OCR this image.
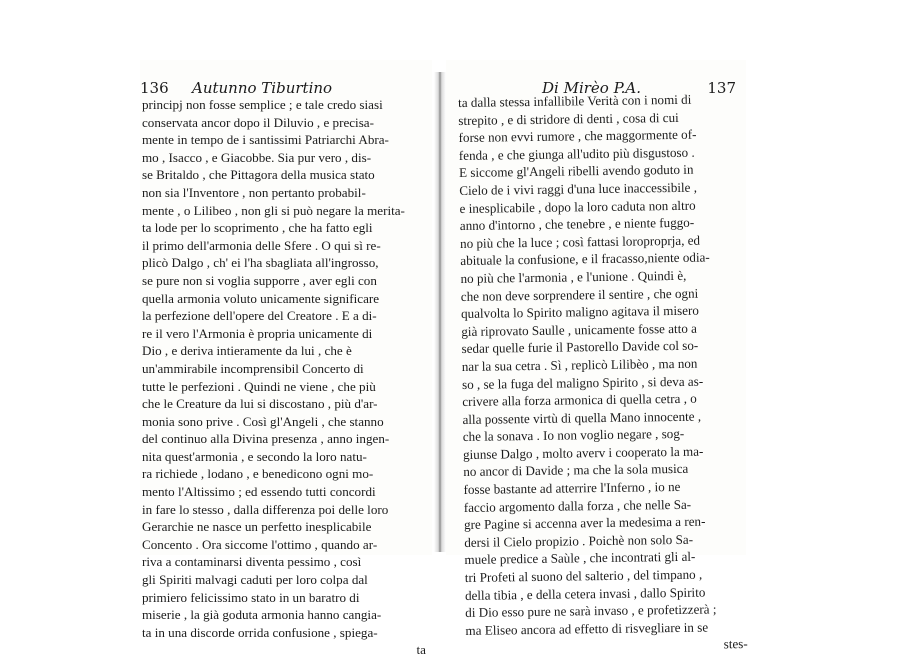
136 Autunno Tiburtino
principj non fosse semplice ; e tale credo siasi
conservata ancor dopo il Diluvio , e precisa-
mente in tempo de i santissimi Patriarchi Abra-
mo , Isacco , e Giacobbe. Sia pur vero , dis-
se Britaldo , che Pittagora della musica stato
non sia l'Inventore , non pertanto probabil-
mente , o Lilibeo , non gli si può negare la merita-
ta lode per lo scoprimento , che ha fatto egli
il primo dell'armonia delle Sfere . O qui sì re-
plicò Dalgo , ch' ei l'ha sbagliata all'ingrosso,
se pure non si voglia supporre , aver egli con
quella armonia voluto unicamente significare
la perfezione dell'opere del Creatore . E a di-
re il vero l'Armonia è propria unicamente di
Dio , e deriva intieramente da lui , che è
un'ammirabile incomprensibil Concerto di
tutte le perfezioni . Quindi ne viene , che più
che le Creature da lui si discostano , più d'ar-
monia sono prive . Così gl'Angeli , che stanno
del continuo alla Divina presenza , anno ingen-
nita quest'armonia , e secondo la loro natu-
ra richiede , lodano , e benedicono ogni mo-
mento l'Altissimo ; ed essendo tutti concordi
in fare lo stesso , dalla differenza poi delle loro
Gerarchie ne nasce un perfetto inesplicabile
Concento . Ora siccome l'ottimo , quando ar-
riva a contaminarsi diventa pessimo , così
gli Spiriti malvagi caduti per loro colpa dal
primiero felicissimo stato in un baratro di
miserie , la già goduta armonia hanno cangia-
ta in una discorde orrida confusione , spiega-
ta
Di Mirèo P.A.	137
ta dalla stessa infallibile Verità con i nomi di
strepito , e di stridore di denti , cosa di cui
forse non evvi rumore , che maggormente of-
fenda , e che giunga all'udito più disgustoso .
E siccome gl'Angeli ribelli avendo goduto in
Cielo de i vivi raggi d'una luce inaccessibile ,
e inesplicabile , dopo la loro caduta non altro
anno d'intorno , che tenebre , e niente fuggo-
no più che la luce ; così fattasi loroproprja, ed
abituale la confusione, e il fracasso,niente odia-
no più che l'armonia , e l'unione . Quindi è,
che non deve sorprendere il sentire , che ogni
qualvolta lo Spirito maligno agitava il misero
già riprovato Saulle , unicamente fosse atto a
sedar quelle furie il Pastorello Davide col so-
nar la sua cetra . Sì , replicò Lilibèo , ma non
so , se la fuga del maligno Spirito , si deva as-
crivere alla forza armonica di quella cetra , o
alla possente virtù di quella Mano innocente ,
che la sonava . Io non voglio negare , sog-
giunse Dalgo , molto averv i cooperato la ma-
no ancor di Davide ; ma che la sola musica
fosse bastante ad atterrire l'Inferno , io ne
faccio argomento dalla forza , che nelle Sa-
gre Pagine si accenna aver la medesima a ren-
dersi il Cielo propizio . Poichè non solo Sa-
muele predice a Saùle , che incontrati gli al-
tri Profeti al suono del salterio , del timpano ,
della tibia , e della cetera invasi , dallo Spirito
di Dio esso pure ne sarà invaso , e profetizzerà ;
ma Eliseo ancora ad effetto di risvegliare in se
stes-
